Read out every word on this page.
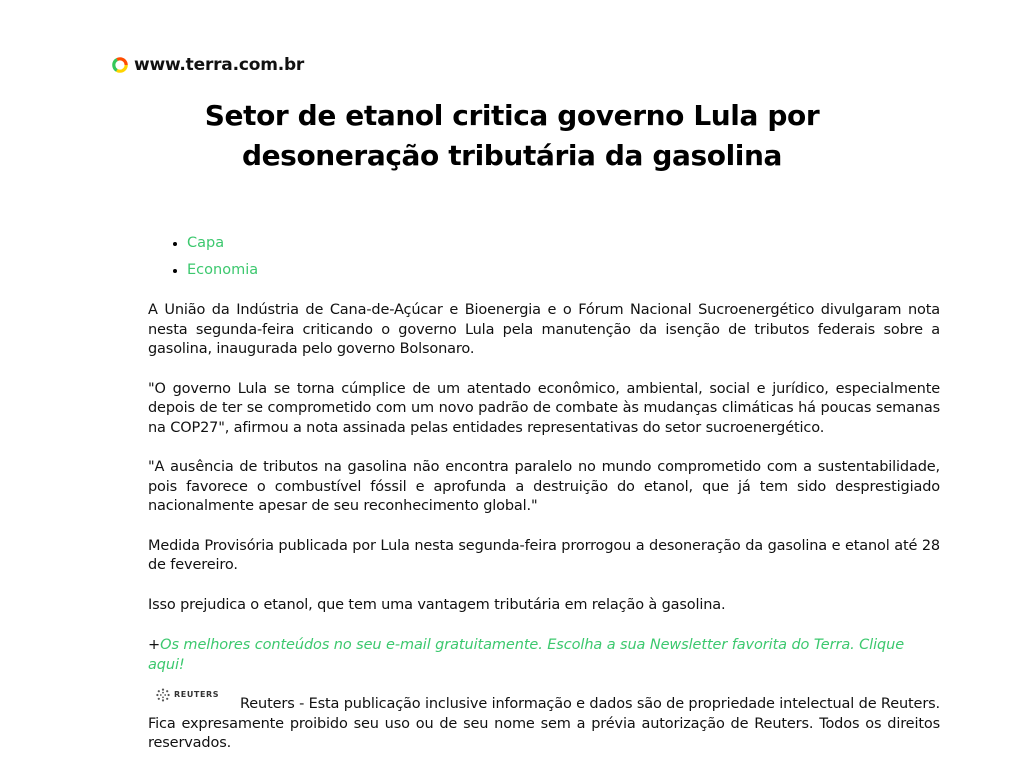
www.terra.com.br
Setor de etanol critica governo Lula por desoneração tributária da gasolina
• Capa
• Economia

A União da Indústria de Cana-de-Açúcar e Bioenergia e o Fórum Nacional Sucroenergético divulgaram nota nesta segunda-feira criticando o governo Lula pela manutenção da isenção de tributos federais sobre a gasolina, inaugurada pelo governo Bolsonaro.

"O governo Lula se torna cúmplice de um atentado econômico, ambiental, social e jurídico, especialmente depois de ter se comprometido com um novo padrão de combate às mudanças climáticas há poucas semanas na COP27", afirmou a nota assinada pelas entidades representativas do setor sucroenergético.

"A ausência de tributos na gasolina não encontra paralelo no mundo comprometido com a sustentabilidade, pois favorece o combustível fóssil e aprofunda a destruição do etanol, que já tem sido desprestigiado nacionalmente apesar de seu reconhecimento global."

Medida Provisória publicada por Lula nesta segunda-feira prorrogou a desoneração da gasolina e etanol até 28 de fevereiro.

Isso prejudica o etanol, que tem uma vantagem tributária em relação à gasolina.

+Os melhores conteúdos no seu e-mail gratuitamente. Escolha a sua Newsletter favorita do Terra. Clique aqui!

REUTERS
Reuters - Esta publicação inclusive informação e dados são de propriedade intelectual de Reuters. Fica expresamente proibido seu uso ou de seu nome sem a prévia autorização de Reuters. Todos os direitos reservados.
